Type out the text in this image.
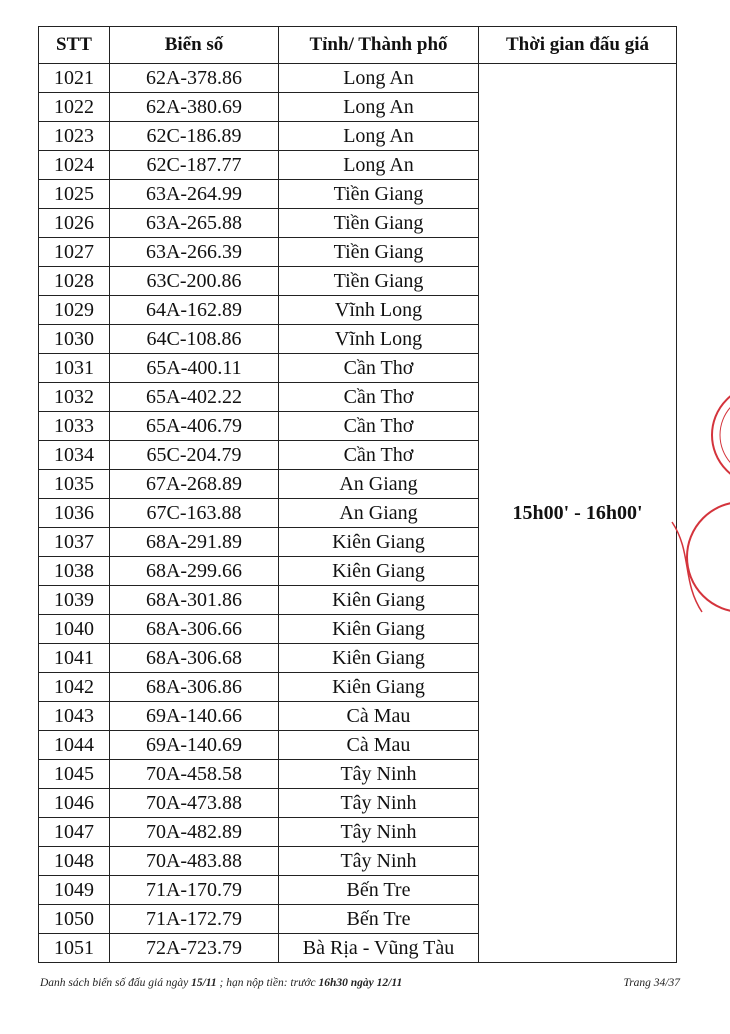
STT	Biển số	Tỉnh/ Thành phố	Thời gian đấu giá
1021	62A-378.86	Long An	15h00' - 16h00'
1022	62A-380.69	Long An	
1023	62C-186.89	Long An	
1024	62C-187.77	Long An	
1025	63A-264.99	Tiền Giang	
1026	63A-265.88	Tiền Giang	
1027	63A-266.39	Tiền Giang	
1028	63C-200.86	Tiền Giang	
1029	64A-162.89	Vĩnh Long	
1030	64C-108.86	Vĩnh Long	
1031	65A-400.11	Cần Thơ	
1032	65A-402.22	Cần Thơ	
1033	65A-406.79	Cần Thơ	
1034	65C-204.79	Cần Thơ	
1035	67A-268.89	An Giang	
1036	67C-163.88	An Giang	
1037	68A-291.89	Kiên Giang	
1038	68A-299.66	Kiên Giang	
1039	68A-301.86	Kiên Giang	
1040	68A-306.66	Kiên Giang	
1041	68A-306.68	Kiên Giang	
1042	68A-306.86	Kiên Giang	
1043	69A-140.66	Cà Mau	
1044	69A-140.69	Cà Mau	
1045	70A-458.58	Tây Ninh	
1046	70A-473.88	Tây Ninh	
1047	70A-482.89	Tây Ninh	
1048	70A-483.88	Tây Ninh	
1049	71A-170.79	Bến Tre	
1050	71A-172.79	Bến Tre	
1051	72A-723.79	Bà Rịa - Vũng Tàu	
Danh sách biển số đấu giá ngày 15/11 ; hạn nộp tiền: trước 16h30 ngày 12/11	Trang 34/37
